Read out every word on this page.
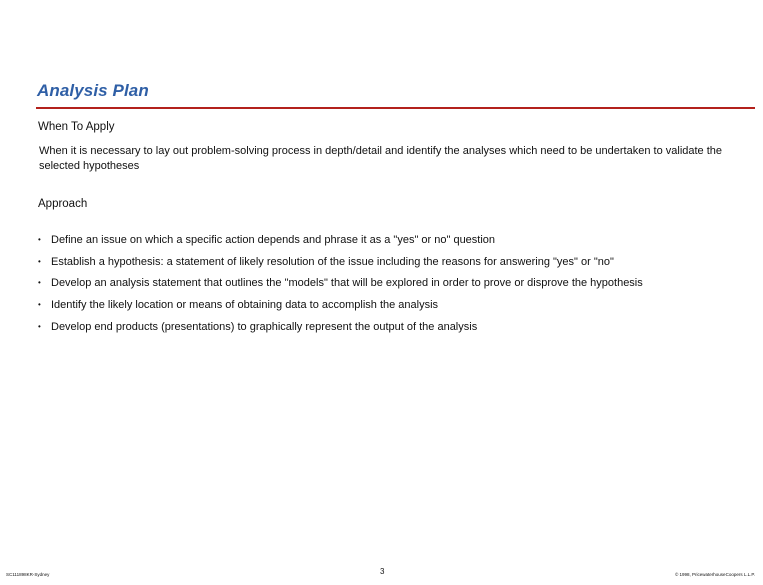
Analysis Plan
When To Apply
When it is necessary to lay out problem-solving process in depth/detail and identify the analyses which need to be undertaken to validate the selected hypotheses
Approach
• Define an issue on which a specific action depends and phrase it as a "yes" or no" question
• Establish a hypothesis: a statement of likely resolution of the issue including the reasons for answering "yes" or "no"
• Develop an analysis statement that outlines the "models" that will be explored in order to prove or disprove the hypothesis
• Identify the likely location or means of obtaining data to accomplish the analysis
• Develop end products (presentations) to graphically represent the output of the analysis
SC111898KR-Sydney	3	© 1998, PricewaterhouseCoopers L.L.P.
